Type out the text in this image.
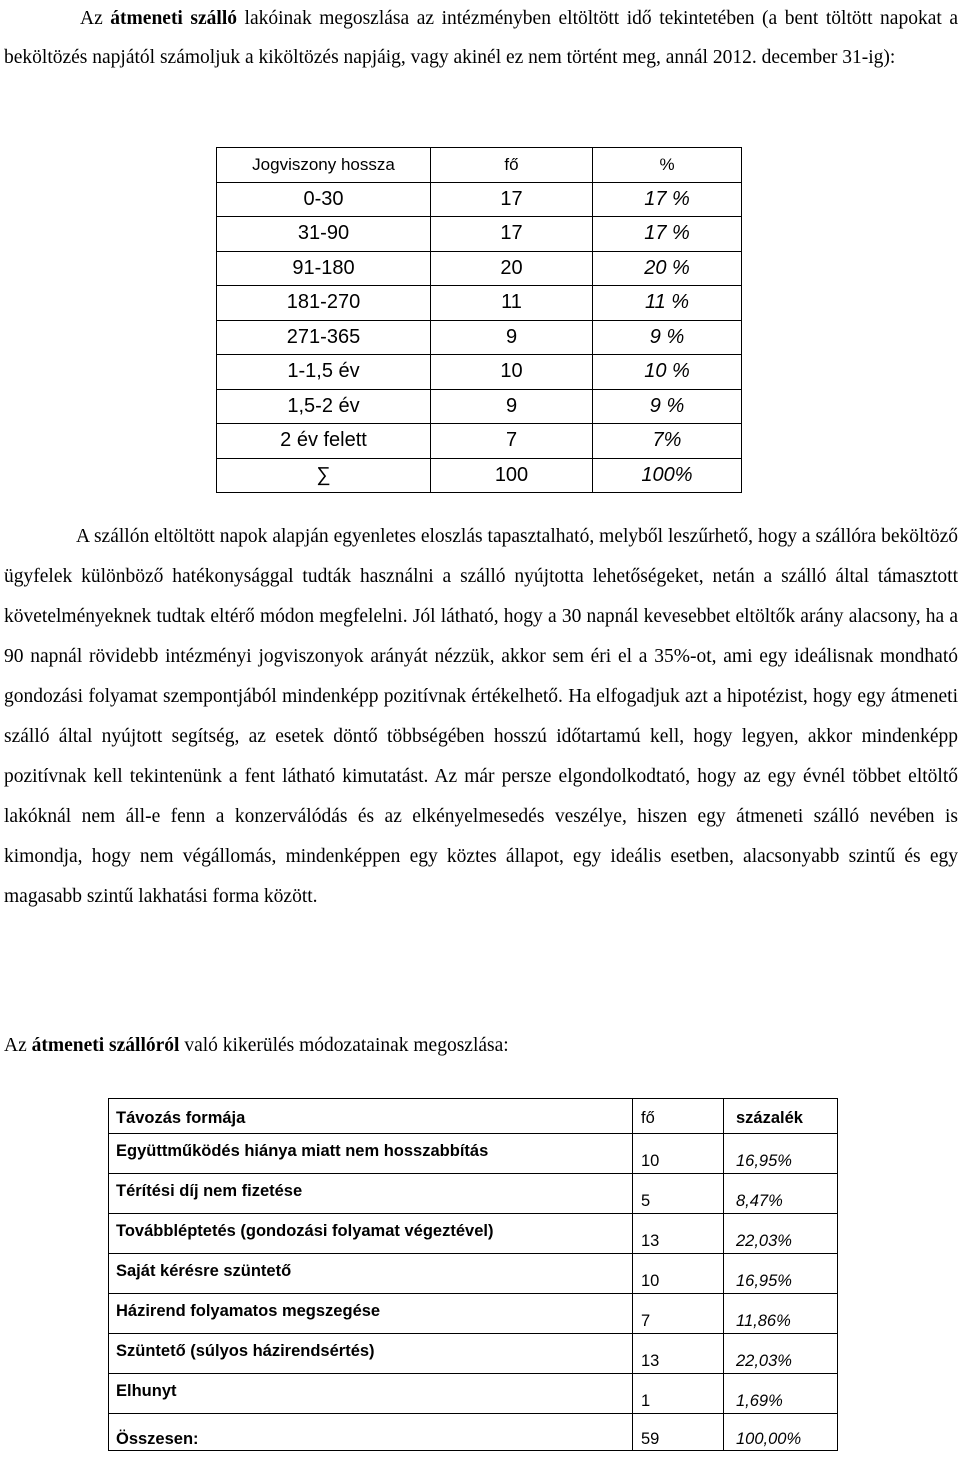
Az átmeneti szálló lakóinak megoszlása az intézményben eltöltött idő tekintetében (a bent töltött napokat a beköltözés napjától számoljuk a kiköltözés napjáig, vagy akinél ez nem történt meg, annál 2012. december 31-ig):

Jogviszony hossza	fő	%
0-30	17	17 %
31-90	17	17 %
91-180	20	20 %
181-270	11	11 %
271-365	9	9 %
1-1,5 év	10	10 %
1,5-2 év	9	9 %
2 év felett	7	7%
∑	100	100%

A szállón eltöltött napok alapján egyenletes eloszlás tapasztalható, melyből leszűrhető, hogy a szállóra beköltöző ügyfelek különböző hatékonysággal tudták használni a szálló nyújtotta lehetőségeket, netán a szálló által támasztott követelményeknek tudtak eltérő módon megfelelni. Jól látható, hogy a 30 napnál kevesebbet eltöltők arány alacsony, ha a 90 napnál rövidebb intézményi jogviszonyok arányát nézzük, akkor sem éri el a 35%-ot, ami egy ideálisnak mondható gondozási folyamat szempontjából mindenképp pozitívnak értékelhető. Ha elfogadjuk azt a hipotézist, hogy egy átmeneti szálló által nyújtott segítség, az esetek döntő többségében hosszú időtartamú kell, hogy legyen, akkor mindenképp pozitívnak kell tekintenünk a fent látható kimutatást. Az már persze elgondolkodtató, hogy az egy évnél többet eltöltő lakóknál nem áll-e fenn a konzerválódás és az elkényelmesedés veszélye, hiszen egy átmeneti szálló nevében is kimondja, hogy nem végállomás, mindenképpen egy köztes állapot, egy ideális esetben, alacsonyabb szintű és egy magasabb szintű lakhatási forma között.

Az átmeneti szállóról való kikerülés módozatainak megoszlása:

Távozás formája	fő	százalék
Együttműködés hiánya miatt nem hosszabbítás	10	16,95%
Térítési díj nem fizetése	5	8,47%
Továbbléptetés (gondozási folyamat végeztével)	13	22,03%
Saját kérésre szüntető	10	16,95%
Házirend folyamatos megszegése	7	11,86%
Szüntető (súlyos házirendsértés)	13	22,03%
Elhunyt	1	1,69%
Összesen:	59	100,00%
